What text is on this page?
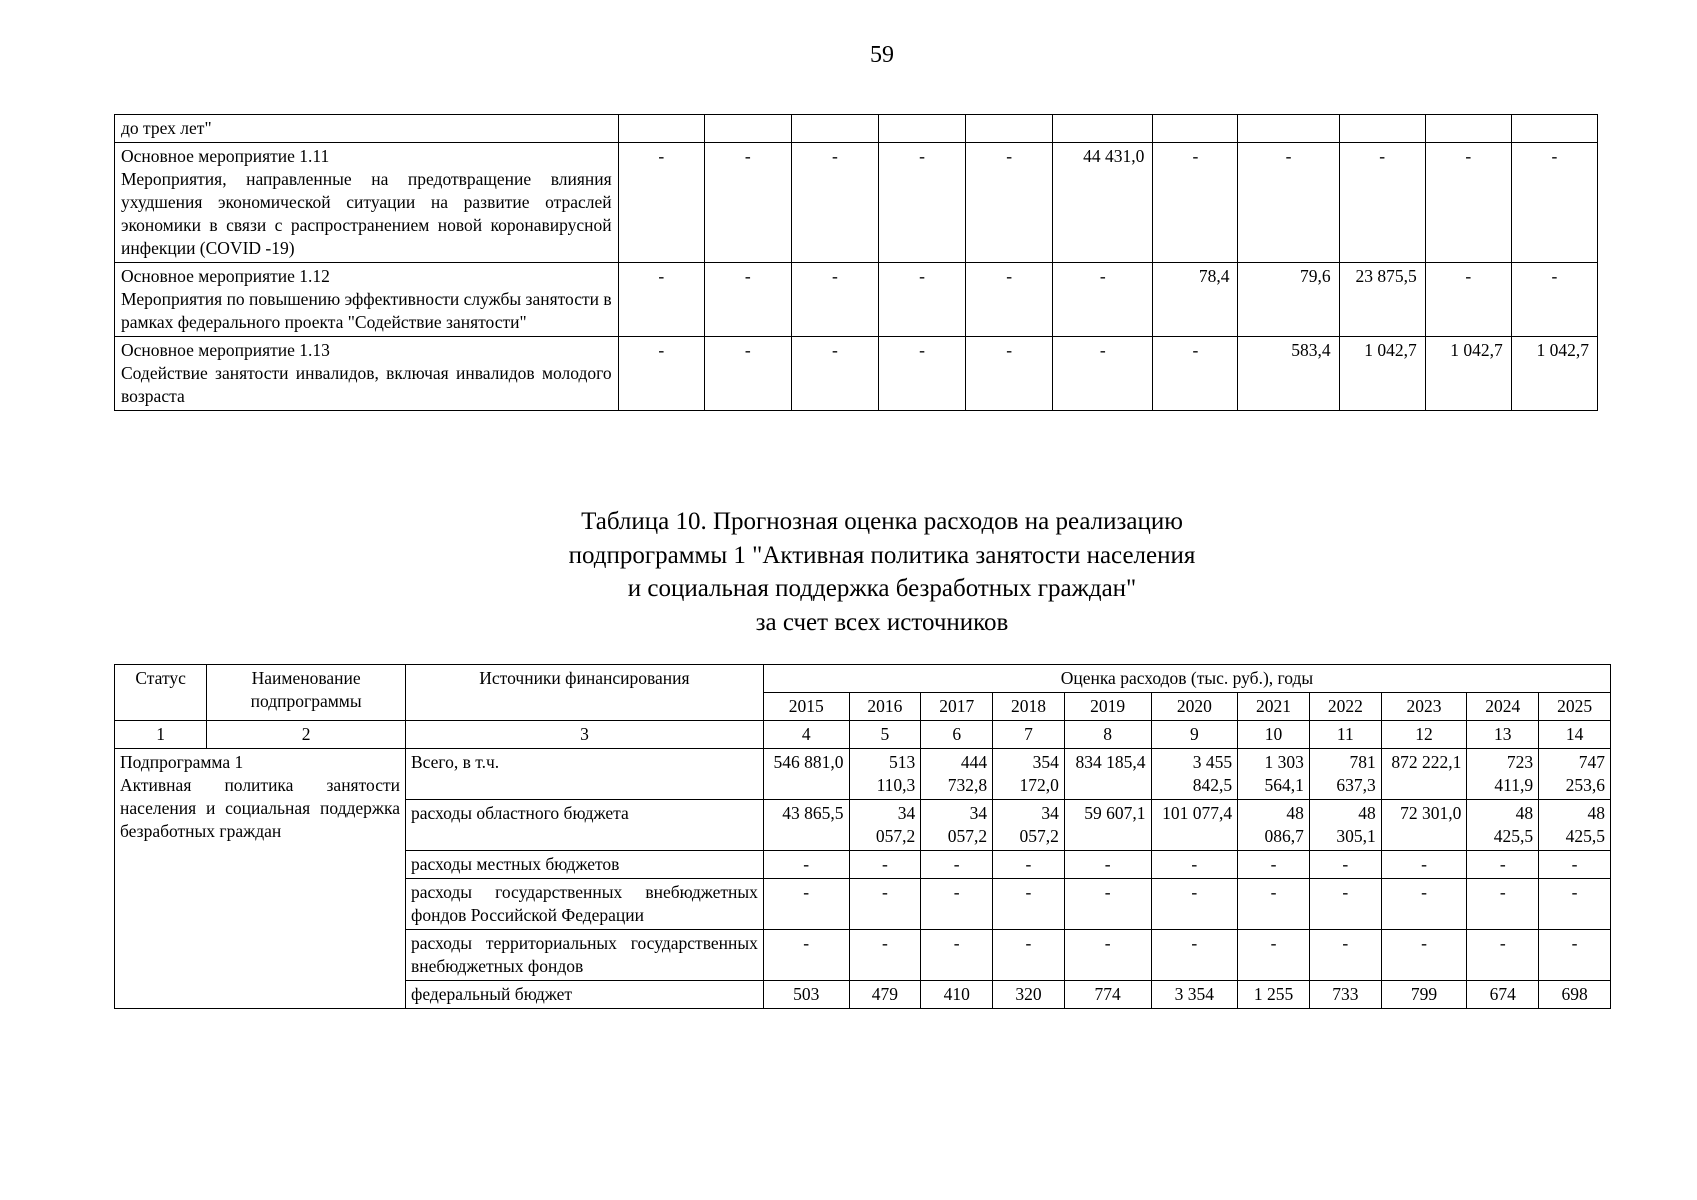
59
до трех лет"											

Основное мероприятие 1.11
Мероприятия, направленные на предотвращение влияния ухудшения экономической ситуации на развитие отраслей экономики в связи с распространением новой коронавирусной инфекции (COVID -19)	-	-	-	-	-	44 431,0	-	-	-	-	-

Основное мероприятие 1.12
Мероприятия по повышению эффективности службы занятости в рамках федерального проекта "Содействие занятости"	-	-	-	-	-	-	78,4	79,6	23 875,5	-	-

Основное мероприятие 1.13
Содействие занятости инвалидов, включая инвалидов молодого возраста	-	-	-	-	-	-	-	583,4	1 042,7	1 042,7	1 042,7
Таблица 10. Прогнозная оценка расходов на реализацию
подпрограммы 1 "Активная политика занятости населения
и социальная поддержка безработных граждан"
за счет всех источников
Статус	Наименование подпрограммы	Источники финансирования	Оценка расходов (тыс. руб.), годы										
			2015	2016	2017	2018	2019	2020	2021	2022	2023	2024	2025
1	2	3	4	5	6	7	8	9	10	11	12	13	14

Подпрограмма 1
Активная политика занятости населения и социальная поддержка безработных граждан		Всего, в т.ч.	546 881,0	513 110,3	444 732,8	354 172,0	834 185,4	3 455 842,5	1 303 564,1	781 637,3	872 222,1	723 411,9	747 253,6
		расходы областного бюджета	43 865,5	34 057,2	34 057,2	34 057,2	59 607,1	101 077,4	48 086,7	48 305,1	72 301,0	48 425,5	48 425,5
		расходы местных бюджетов	-	-	-	-	-	-	-	-	-	-	-
		расходы государственных внебюджетных фондов Российской Федерации	-	-	-	-	-	-	-	-	-	-	-
		расходы территориальных государственных внебюджетных фондов	-	-	-	-	-	-	-	-	-	-	-
		федеральный бюджет	503	479	410	320	774	3 354	1 255	733	799	674	698
